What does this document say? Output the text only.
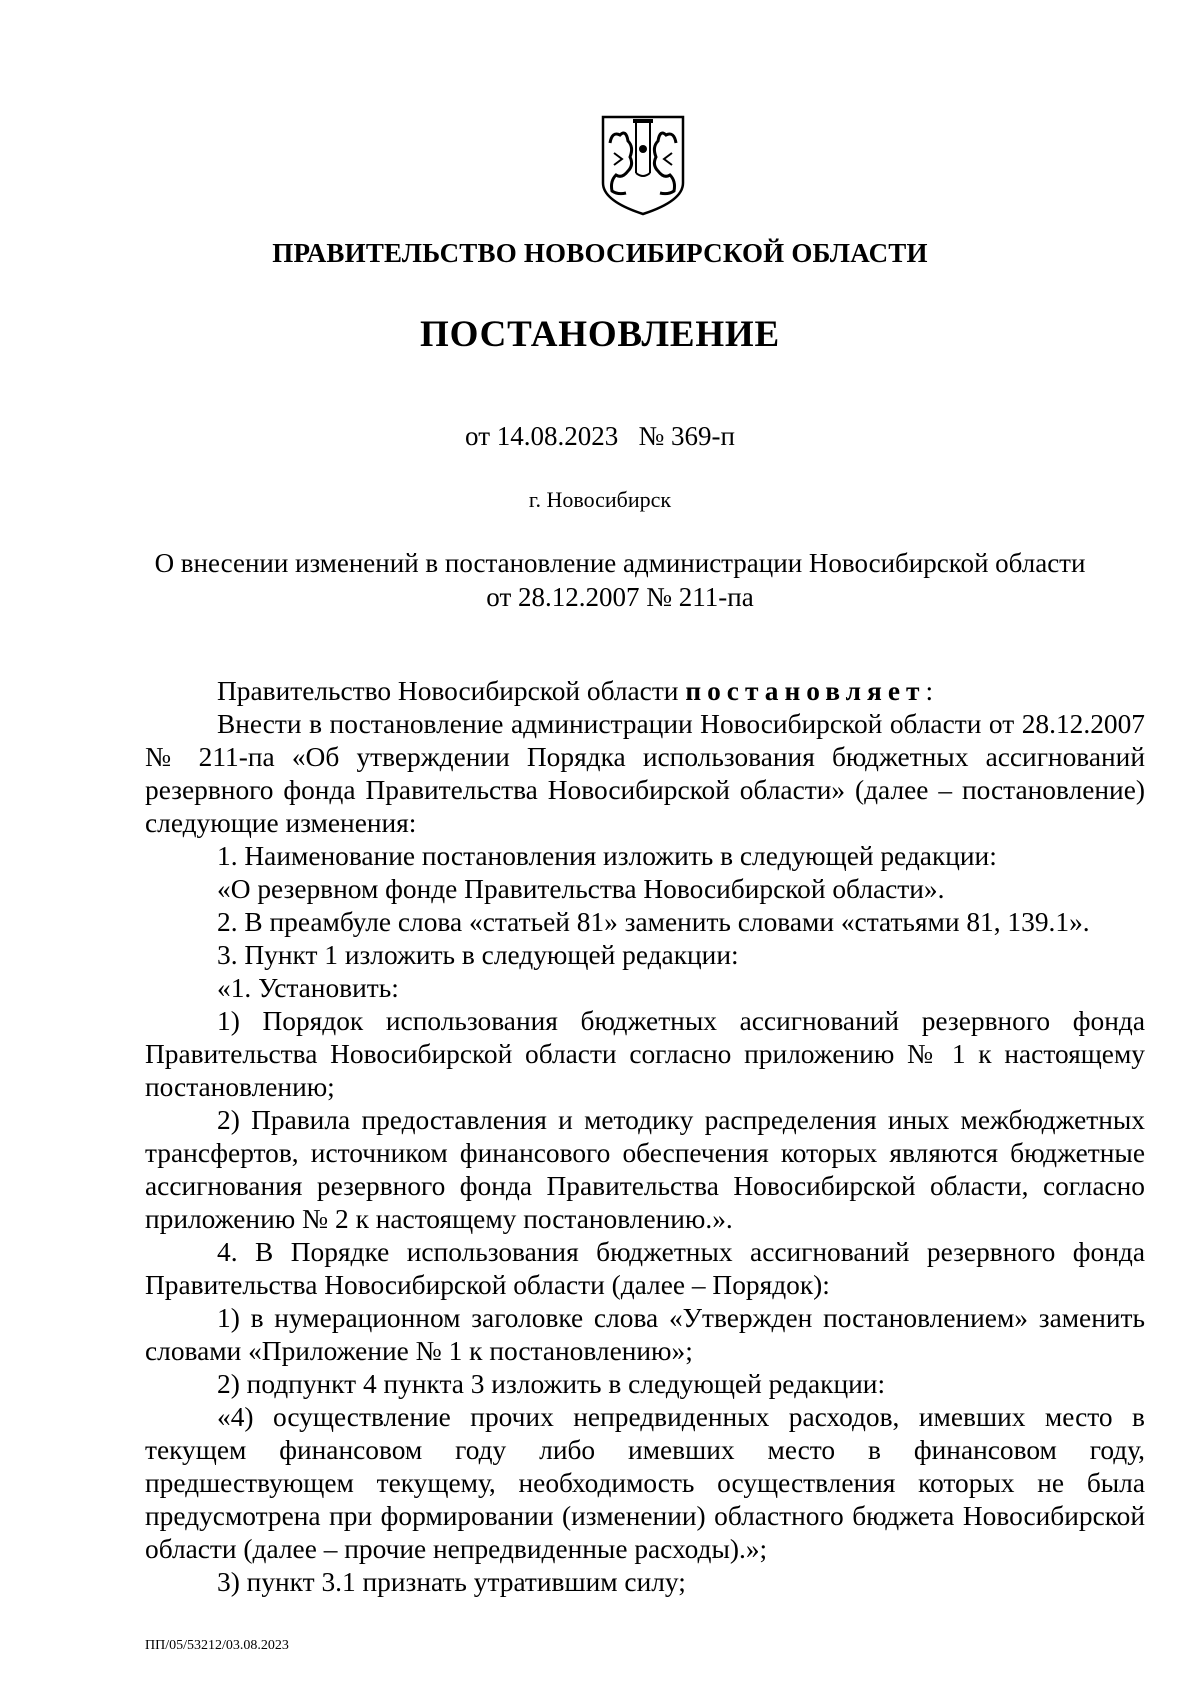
ПРАВИТЕЛЬСТВО НОВОСИБИРСКОЙ ОБЛАСТИ
ПОСТАНОВЛЕНИЕ
от 14.08.2023 № 369-п
г. Новосибирск
О внесении изменений в постановление администрации Новосибирской области
от 28.12.2007 № 211-па

Правительство Новосибирской области постановляет:

Внести в постановление администрации Новосибирской области от 28.12.2007 № 211-па «Об утверждении Порядка использования бюджетных ассигнований резервного фонда Правительства Новосибирской области» (далее – постановление) следующие изменения:

1. Наименование постановления изложить в следующей редакции:

«О резервном фонде Правительства Новосибирской области».

2. В преамбуле слова «статьей 81» заменить словами «статьями 81, 139.1».

3. Пункт 1 изложить в следующей редакции:

«1. Установить:

1) Порядок использования бюджетных ассигнований резервного фонда Правительства Новосибирской области согласно приложению № 1 к настоящему постановлению;

2) Правила предоставления и методику распределения иных межбюджетных трансфертов, источником финансового обеспечения которых являются бюджетные ассигнования резервного фонда Правительства Новосибирской области, согласно приложению № 2 к настоящему постановлению.».

4. В Порядке использования бюджетных ассигнований резервного фонда Правительства Новосибирской области (далее – Порядок):

1) в нумерационном заголовке слова «Утвержден постановлением» заменить словами «Приложение № 1 к постановлению»;

2) подпункт 4 пункта 3 изложить в следующей редакции:

«4) осуществление прочих непредвиденных расходов, имевших место в текущем финансовом году либо имевших место в финансовом году, предшествующем текущему, необходимость осуществления которых не была предусмотрена при формировании (изменении) областного бюджета Новосибирской области (далее – прочие непредвиденные расходы).»;

3) пункт 3.1 признать утратившим силу;

ПП/05/53212/03.08.2023
